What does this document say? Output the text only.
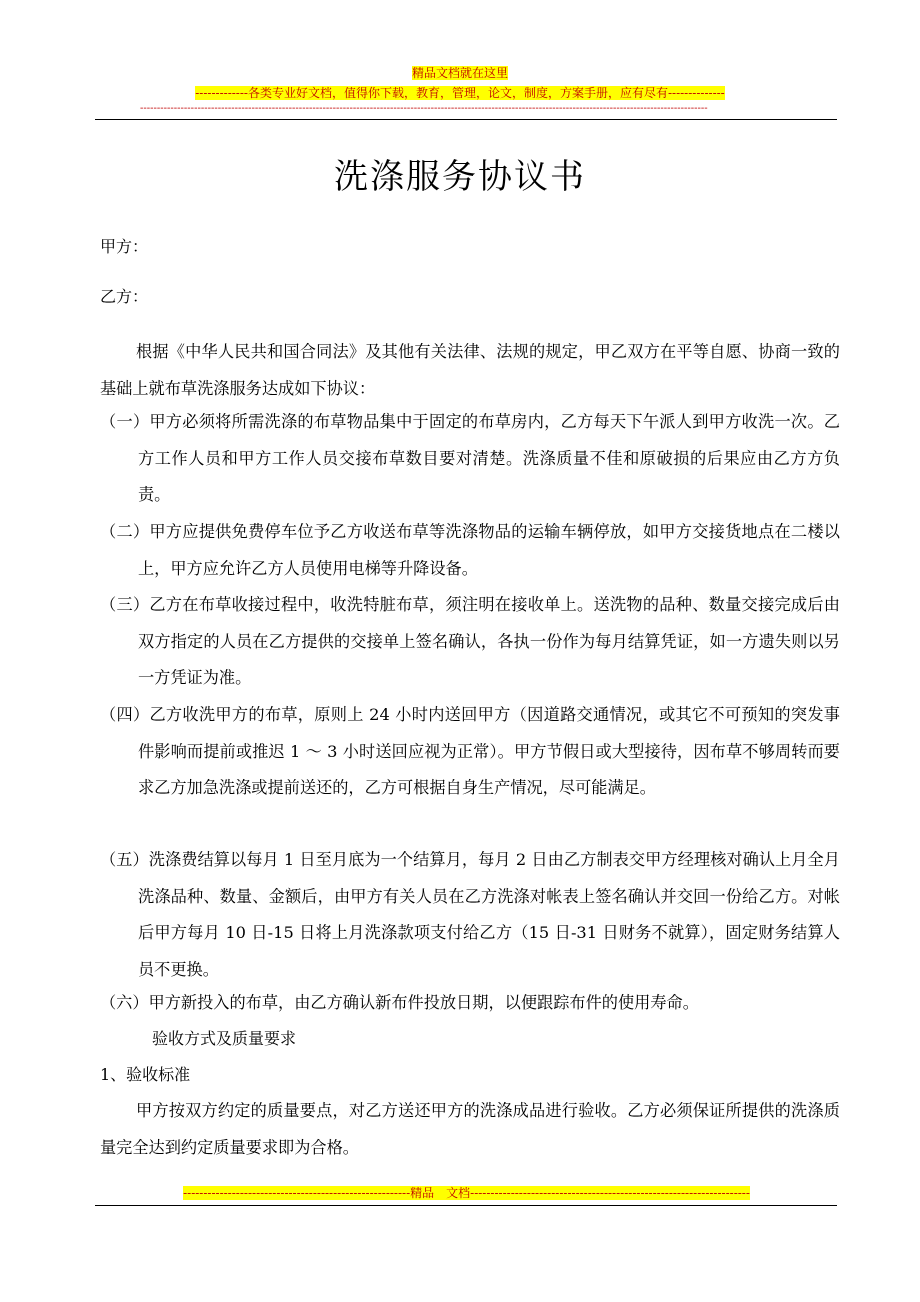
精品文档就在这里
-------------各类专业好文档，值得你下载，教育，管理，论文，制度，方案手册，应有尽有--------------
------------------------------------------------------------------------------------------------------------------------------------------------------------------------
洗涤服务协议书
甲方：
乙方：
根据《中华人民共和国合同法》及其他有关法律、法规的规定，甲乙双方在平等自愿、协商一致的基础上就布草洗涤服务达成如下协议：
（一）甲方必须将所需洗涤的布草物品集中于固定的布草房内，乙方每天下午派人到甲方收洗一次。乙方工作人员和甲方工作人员交接布草数目要对清楚。洗涤质量不佳和原破损的后果应由乙方方负责。
（二）甲方应提供免费停车位予乙方收送布草等洗涤物品的运输车辆停放，如甲方交接货地点在二楼以上，甲方应允许乙方人员使用电梯等升降设备。
（三）乙方在布草收接过程中，收洗特脏布草，须注明在接收单上。送洗物的品种、数量交接完成后由双方指定的人员在乙方提供的交接单上签名确认，各执一份作为每月结算凭证，如一方遗失则以另一方凭证为准。
（四）乙方收洗甲方的布草，原则上 24 小时内送回甲方（因道路交通情况，或其它不可预知的突发事件影响而提前或推迟 1 ～ 3 小时送回应视为正常）。甲方节假日或大型接待，因布草不够周转而要求乙方加急洗涤或提前送还的，乙方可根据自身生产情况，尽可能满足。
（五）洗涤费结算以每月 1 日至月底为一个结算月，每月 2 日由乙方制表交甲方经理核对确认上月全月洗涤品种、数量、金额后，由甲方有关人员在乙方洗涤对帐表上签名确认并交回一份给乙方。对帐后甲方每月 10 日-15 日将上月洗涤款项支付给乙方（15 日-31 日财务不就算），固定财务结算人员不更换。
（六）甲方新投入的布草，由乙方确认新布件投放日期，以便跟踪布件的使用寿命。
验收方式及质量要求
1、验收标准
甲方按双方约定的质量要点，对乙方送还甲方的洗涤成品进行验收。乙方必须保证所提供的洗涤质量完全达到约定质量要求即为合格。
--------------------------------------------------------精品　文档---------------------------------------------------------------------
